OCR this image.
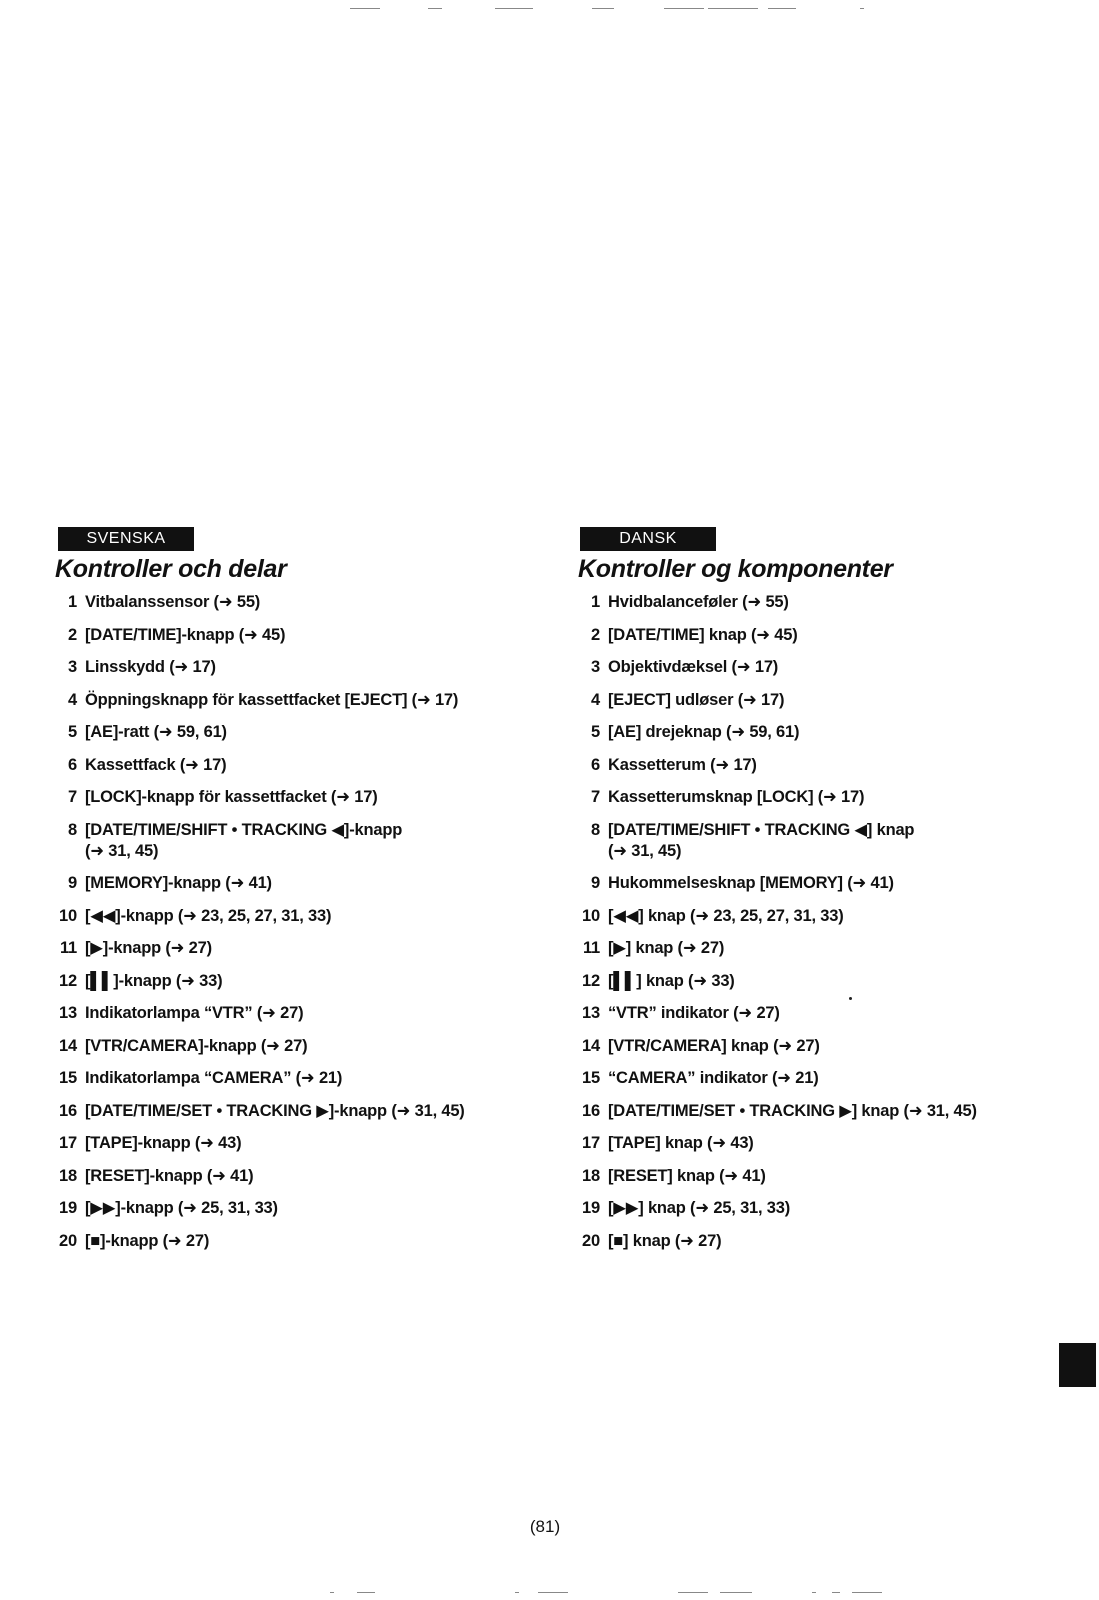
SVENSKA
Kontroller och delar
1 Vitbalanssensor (➜ 55)
2 [DATE/TIME]-knapp (➜ 45)
3 Linsskydd (➜ 17)
4 Öppningsknapp för kassettfacket [EJECT] (➜ 17)
5 [AE]-ratt (➜ 59, 61)
6 Kassettfack (➜ 17)
7 [LOCK]-knapp för kassettfacket (➜ 17)
8 [DATE/TIME/SHIFT • TRACKING ◀]-knapp
(➜ 31, 45)
9 [MEMORY]-knapp (➜ 41)
10 [◀◀]-knapp (➜ 23, 25, 27, 31, 33)
11 [▶]-knapp (➜ 27)
12 [▌▌]-knapp (➜ 33)
13 Indikatorlampa “VTR” (➜ 27)
14 [VTR/CAMERA]-knapp (➜ 27)
15 Indikatorlampa “CAMERA” (➜ 21)
16 [DATE/TIME/SET • TRACKING ▶]-knapp (➜ 31, 45)
17 [TAPE]-knapp (➜ 43)
18 [RESET]-knapp (➜ 41)
19 [▶▶]-knapp (➜ 25, 31, 33)
20 [■]-knapp (➜ 27)
DANSK
Kontroller og komponenter
1 Hvidbalanceføler (➜ 55)
2 [DATE/TIME] knap (➜ 45)
3 Objektivdæksel (➜ 17)
4 [EJECT] udløser (➜ 17)
5 [AE] drejeknap (➜ 59, 61)
6 Kassetterum (➜ 17)
7 Kassetterumsknap [LOCK] (➜ 17)
8 [DATE/TIME/SHIFT • TRACKING ◀] knap
(➜ 31, 45)
9 Hukommelsesknap [MEMORY] (➜ 41)
10 [◀◀] knap (➜ 23, 25, 27, 31, 33)
11 [▶] knap (➜ 27)
12 [▌▌] knap (➜ 33)
13 “VTR” indikator (➜ 27)
14 [VTR/CAMERA] knap (➜ 27)
15 “CAMERA” indikator (➜ 21)
16 [DATE/TIME/SET • TRACKING ▶] knap (➜ 31, 45)
17 [TAPE] knap (➜ 43)
18 [RESET] knap (➜ 41)
19 [▶▶] knap (➜ 25, 31, 33)
20 [■] knap (➜ 27)
(81)
